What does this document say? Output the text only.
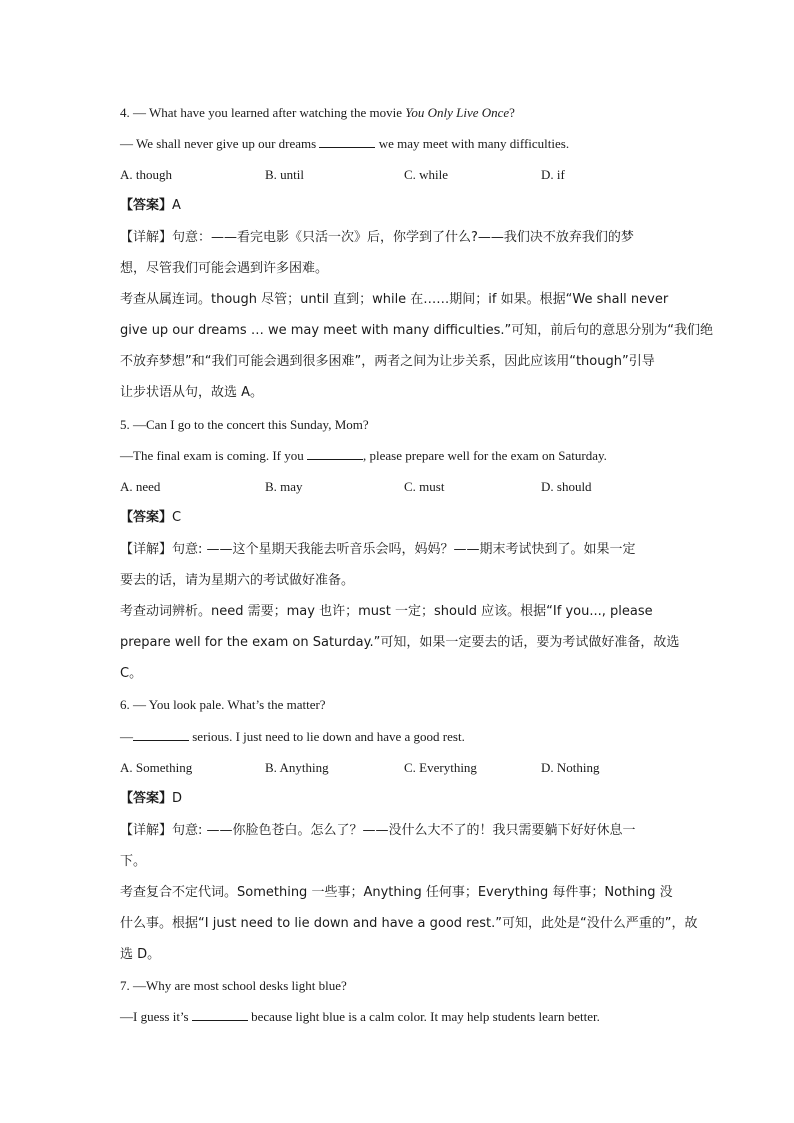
4. — What have you learned after watching the movie You Only Live Once?
— We shall never give up our dreams	we may meet with many difficulties.
A. though	B. until	C. while	D. if
【答案】A
【详解】句意：——看完电影《只活一次》后，你学到了什么?——我们决不放弃我们的梦
想，尽管我们可能会遇到许多困难。
考查从属连词。though 尽管；until 直到；while 在……期间；if 如果。根据“We shall never
give up our dreams … we may meet with many difficulties.”可知，前后句的意思分别为“我们绝
不放弃梦想”和“我们可能会遇到很多困难”，两者之间为让步关系，因此应该用“though”引导
让步状语从句，故选 A。
5. —Can I go to the concert this Sunday, Mom?
—The final exam is coming. If you	, please prepare well for the exam on Saturday.
A. need	B. may	C. must	D. should
【答案】C
【详解】句意: ——这个星期天我能去听音乐会吗，妈妈？——期末考试快到了。如果一定
要去的话，请为星期六的考试做好准备。
考查动词辨析。need 需要；may 也许；must 一定；should 应该。根据“If you..., please
prepare well for the exam on Saturday.”可知，如果一定要去的话，要为考试做好准备，故选
C。
6. — You look pale. What’s the matter?
—	serious. I just need to lie down and have a good rest.
A. Something	B. Anything	C. Everything	D. Nothing
【答案】D
【详解】句意: ——你脸色苍白。怎么了？——没什么大不了的！我只需要躺下好好休息一
下。
考查复合不定代词。Something 一些事；Anything 任何事；Everything 每件事；Nothing 没
什么事。根据“I just need to lie down and have a good rest.”可知，此处是“没什么严重的”，故
选 D。
7. —Why are most school desks light blue?
—I guess it’s	because light blue is a calm color. It may help students learn better.
